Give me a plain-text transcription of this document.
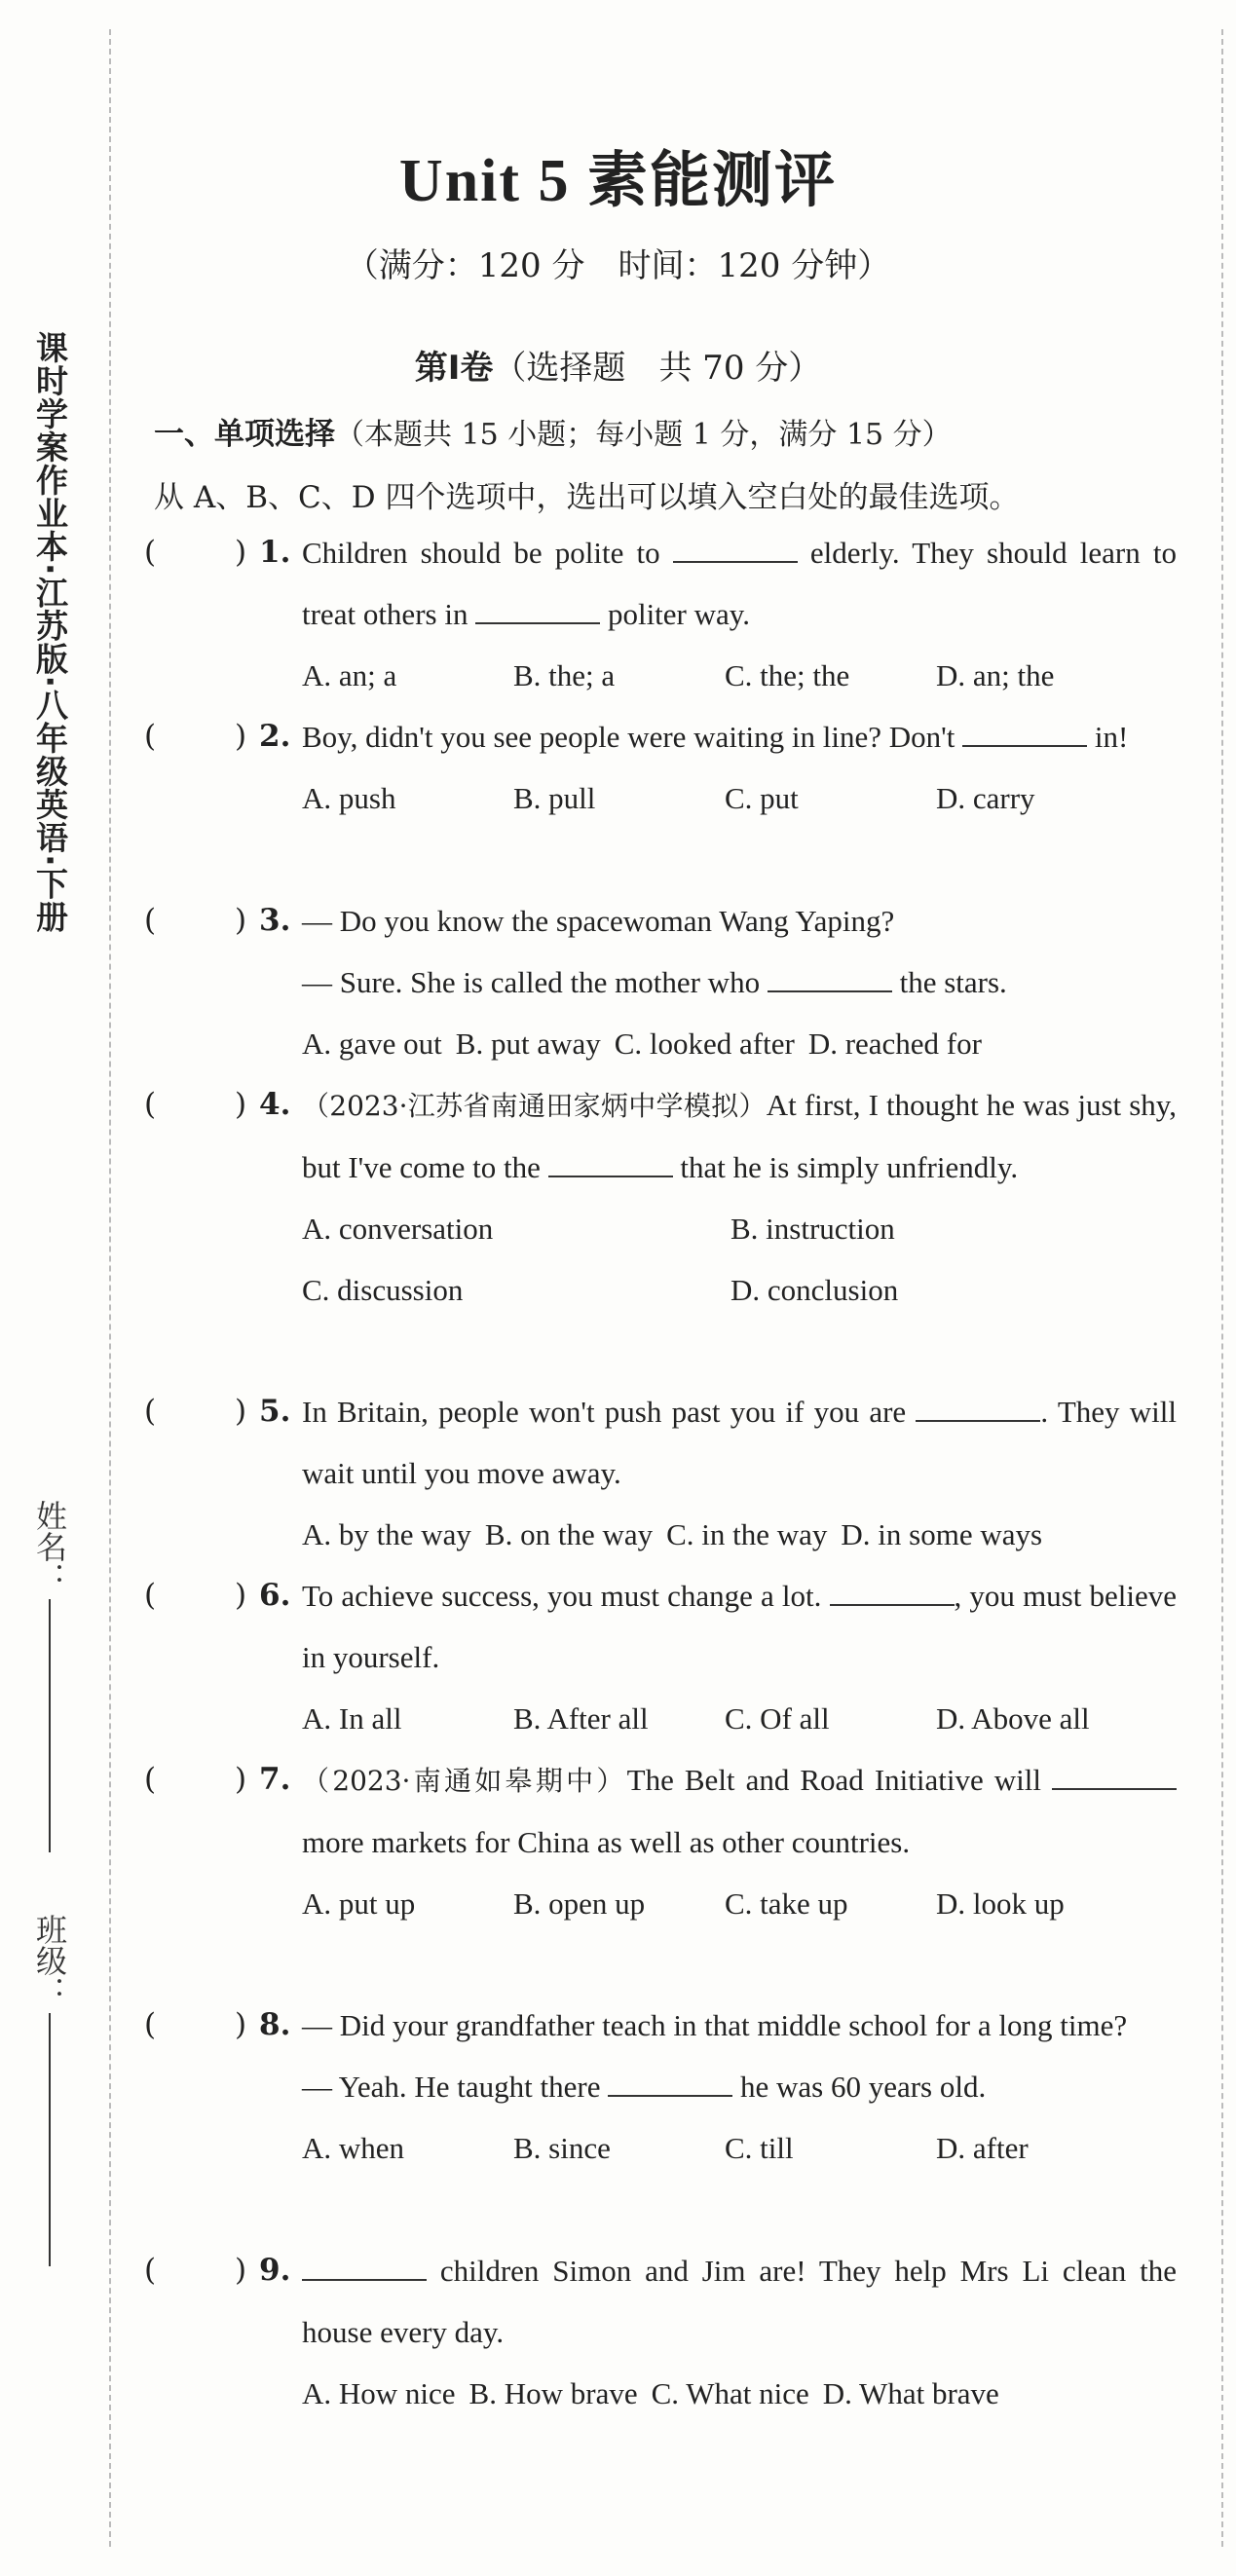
课时学案作业本·江苏版·八年级英语·下册
姓名：
班级：
Unit 5 素能测评
（满分：120 分　时间：120 分钟）
第Ⅰ卷（选择题　共 70 分）
一、单项选择（本题共 15 小题；每小题 1 分，满分 15 分）
从 A、B、C、D 四个选项中，选出可以填入空白处的最佳选项。
(	) 1. Children should be polite to	elderly. They should learn to treat others in	politer way.
A. an; a	B. the; a	C. the; the	D. an; the
(	) 2. Boy, didn't you see people were waiting in line? Don't	in!
A. push	B. pull	C. put	D. carry
(	) 3. — Do you know the spacewoman Wang Yaping?
— Sure. She is called the mother who	the stars.
A. gave out B. put away C. looked after D. reached for
(	) 4. （2023·江苏省南通田家炳中学模拟）At first, I thought he was just shy, but I've come to the	that he is simply unfriendly.
A. conversation	B. instruction
C. discussion	D. conclusion
(	) 5. In Britain, people won't push past you if you are	. They will wait until you move away.
A. by the way B. on the way C. in the way D. in some ways
(	) 6. To achieve success, you must change a lot.	, you must believe in yourself.
A. In all	B. After all	C. Of all	D. Above all
(	) 7. （2023·南通如皋期中）The Belt and Road Initiative will  more markets for China as well as other countries.
A. put up	B. open up	C. take up	D. look up
(	) 8. — Did your grandfather teach in that middle school for a long time?
— Yeah. He taught there	he was 60 years old.
A. when	B. since	C. till	D. after
(	) 9.	children Simon and Jim are! They help Mrs Li clean the house every day.
A. How nice B. How brave C. What nice D. What brave
